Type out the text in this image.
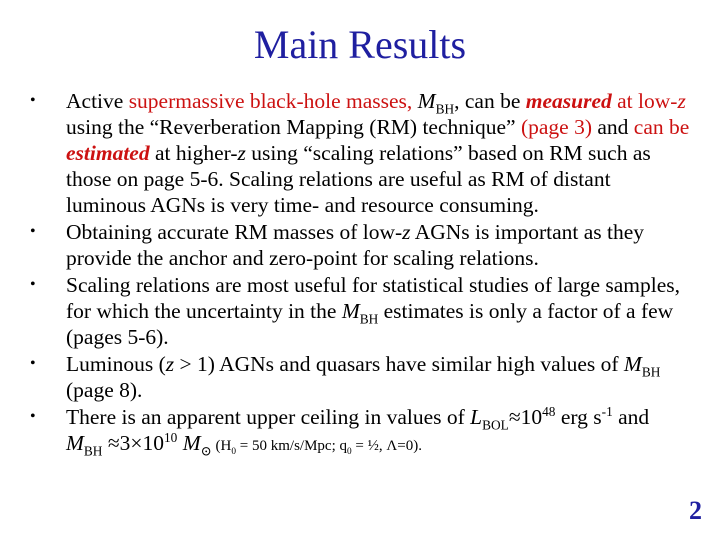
Main Results
•	Active supermassive black-hole masses, $M_{BH}$, can be measured at low-z using the “Reverberation Mapping (RM) technique” (page 3) and can be estimated at higher-z using “scaling relations” based on RM such as those on page 5-6. Scaling relations are useful as RM of distant luminous AGNs is very time- and resource consuming.
•	Obtaining accurate RM masses of low-z AGNs is important as they provide the anchor and zero-point for scaling relations.
•	Scaling relations are most useful for statistical studies of large samples, for which the uncertainty in the $M_{BH}$ estimates is only a factor of a few (pages 5-6).
•	Luminous (z > 1) AGNs and quasars have similar high values of $M_{BH}$ (page 8).
•	There is an apparent upper ceiling in values of $L_{BOL}\approx 10^{48}$ erg $s^{-1}$ and $M_{BH} \approx 3\times 10^{10}$ $M_⊙$ ($H_0 = 50$ km/s/Mpc; $q_0$ = ½, Λ=0).
2
